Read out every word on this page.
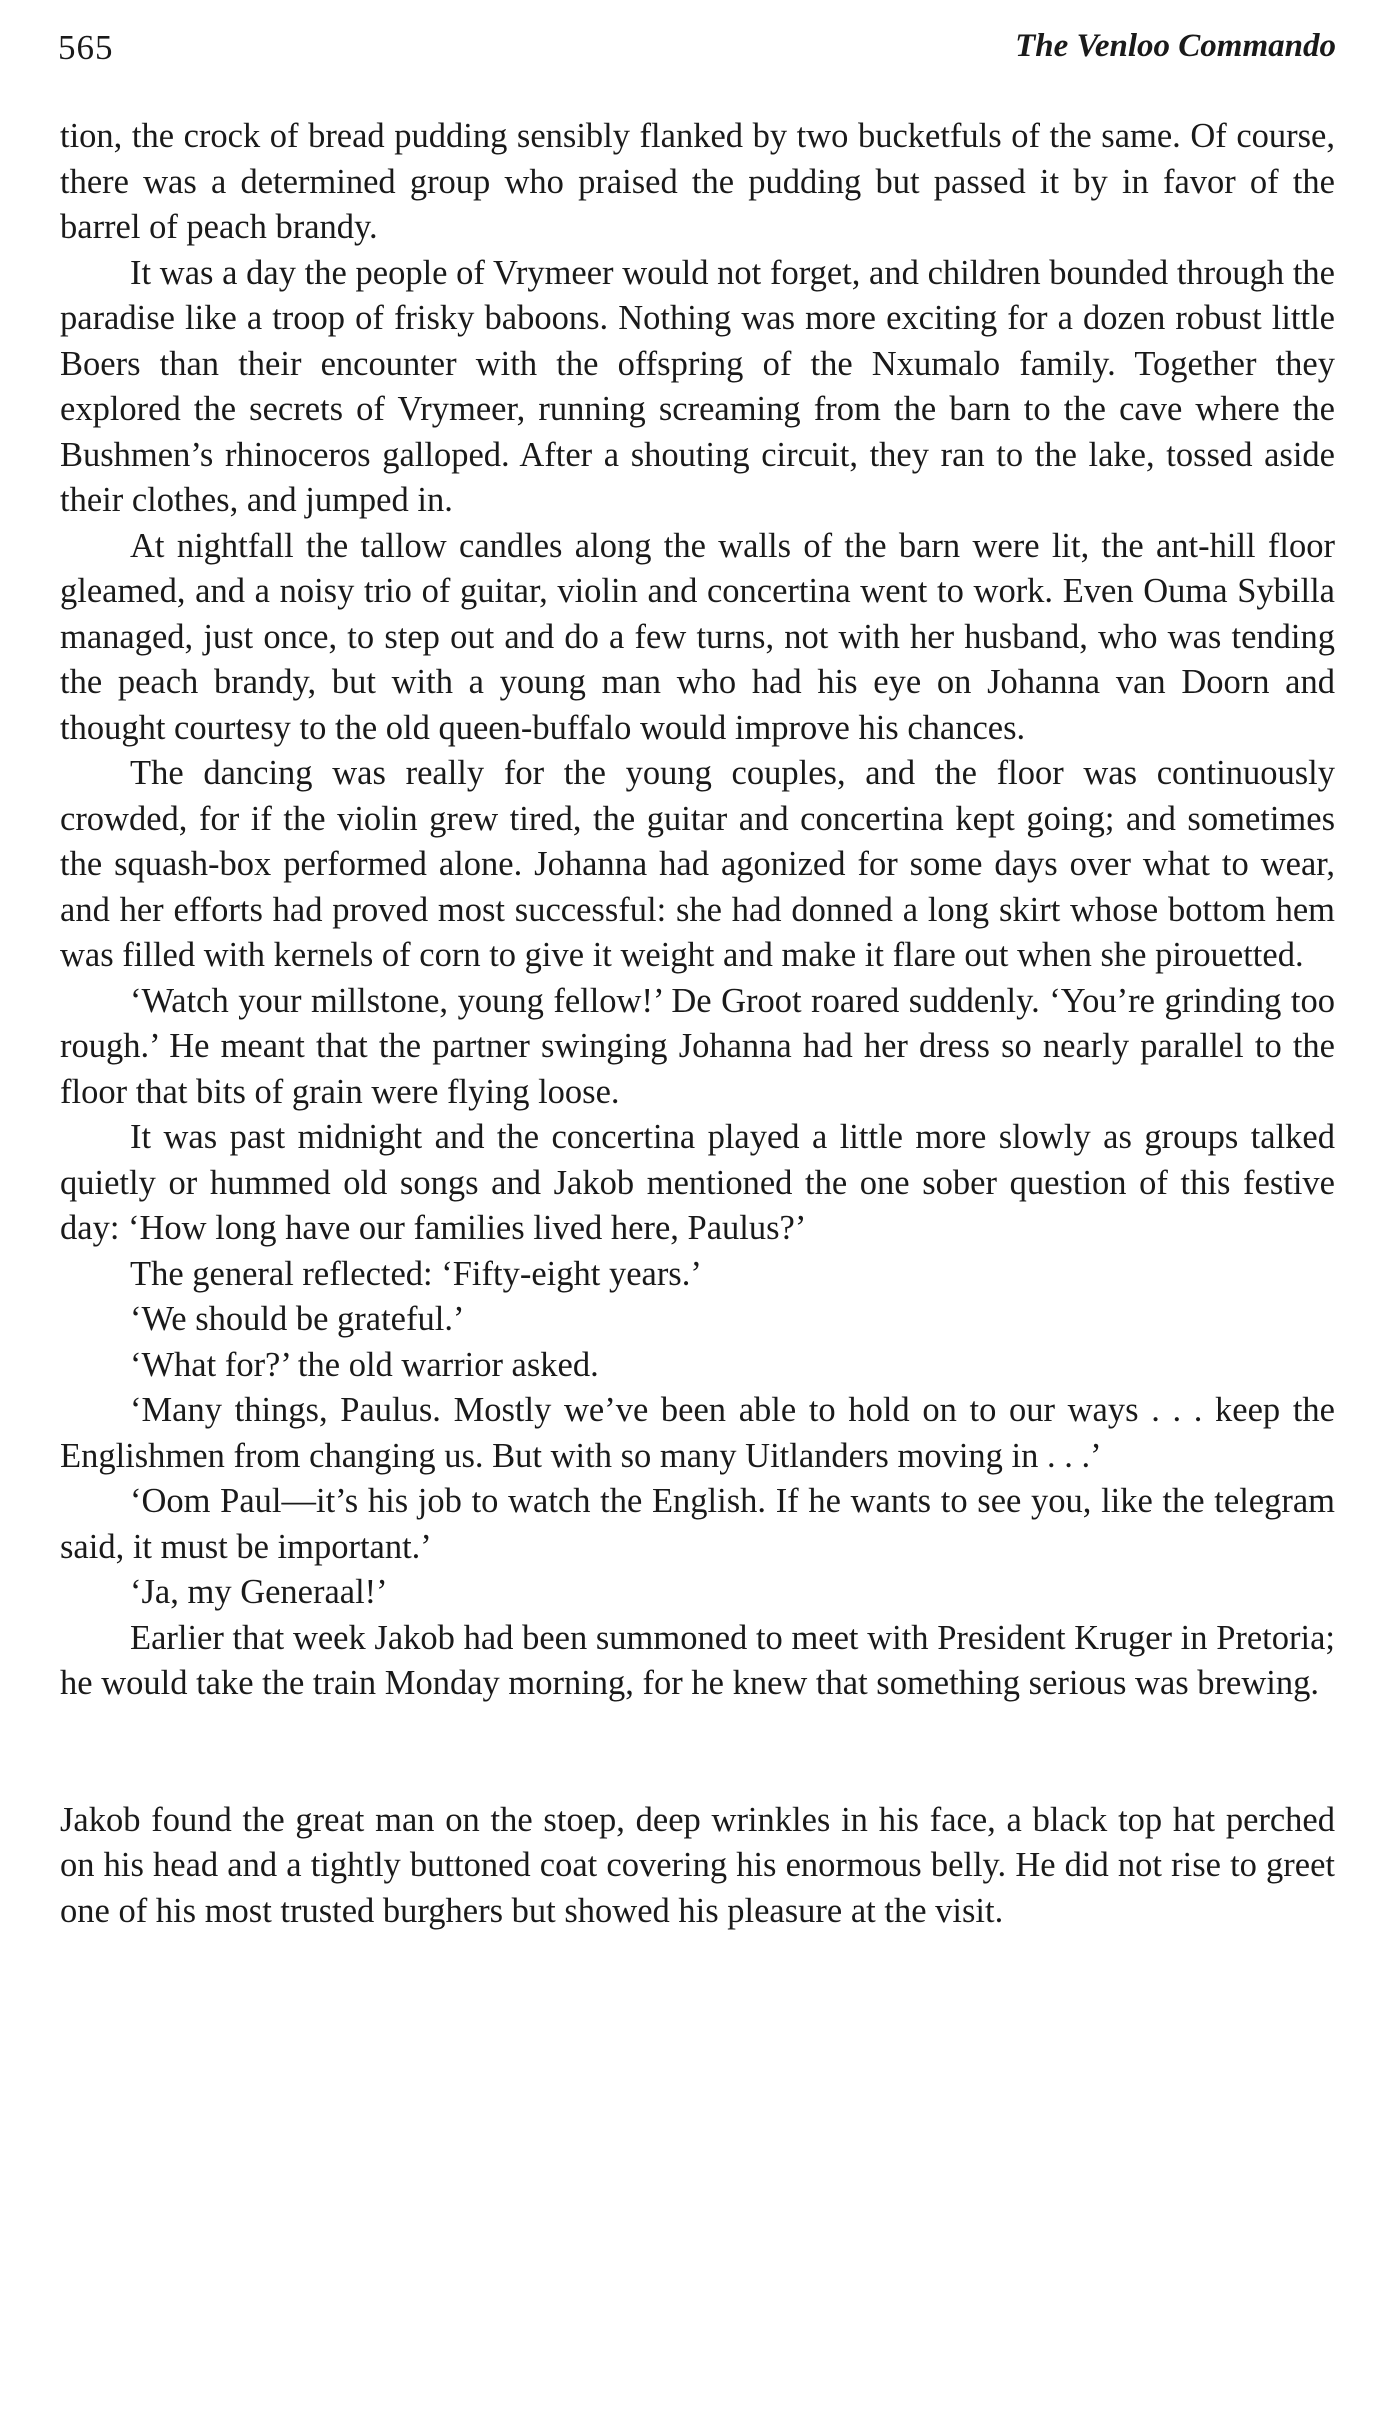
565	The Venloo Commando

tion, the crock of bread pudding sensibly flanked by two bucketfuls of the same. Of course, there was a determined group who praised the pudding but passed it by in favor of the barrel of peach brandy.

It was a day the people of Vrymeer would not forget, and children bounded through the paradise like a troop of frisky baboons. Nothing was more exciting for a dozen robust little Boers than their encounter with the offspring of the Nxumalo family. Together they explored the secrets of Vrymeer, running screaming from the barn to the cave where the Bushmen’s rhinoceros galloped. After a shouting circuit, they ran to the lake, tossed aside their clothes, and jumped in.

At nightfall the tallow candles along the walls of the barn were lit, the ant-hill floor gleamed, and a noisy trio of guitar, violin and concertina went to work. Even Ouma Sybilla managed, just once, to step out and do a few turns, not with her husband, who was tending the peach brandy, but with a young man who had his eye on Johanna van Doorn and thought courtesy to the old queen-buffalo would improve his chances.

The dancing was really for the young couples, and the floor was continuously crowded, for if the violin grew tired, the guitar and concertina kept going; and sometimes the squash-box performed alone. Johanna had agonized for some days over what to wear, and her efforts had proved most successful: she had donned a long skirt whose bottom hem was filled with kernels of corn to give it weight and make it flare out when she pirouetted.

‘Watch your millstone, young fellow!’ De Groot roared suddenly. ‘You’re grinding too rough.’ He meant that the partner swinging Johanna had her dress so nearly parallel to the floor that bits of grain were flying loose.

It was past midnight and the concertina played a little more slowly as groups talked quietly or hummed old songs and Jakob mentioned the one sober question of this festive day: ‘How long have our families lived here, Paulus?’

The general reflected: ‘Fifty-eight years.’

‘We should be grateful.’

‘What for?’ the old warrior asked.

‘Many things, Paulus. Mostly we’ve been able to hold on to our ways . . . keep the Englishmen from changing us. But with so many Uitlanders moving in . . .’

‘Oom Paul—it’s his job to watch the English. If he wants to see you, like the telegram said, it must be important.’

‘Ja, my Generaal!’

Earlier that week Jakob had been summoned to meet with President Kruger in Pretoria; he would take the train Monday morning, for he knew that something serious was brewing.

Jakob found the great man on the stoep, deep wrinkles in his face, a black top hat perched on his head and a tightly buttoned coat covering his enormous belly. He did not rise to greet one of his most trusted burghers but showed his pleasure at the visit.
